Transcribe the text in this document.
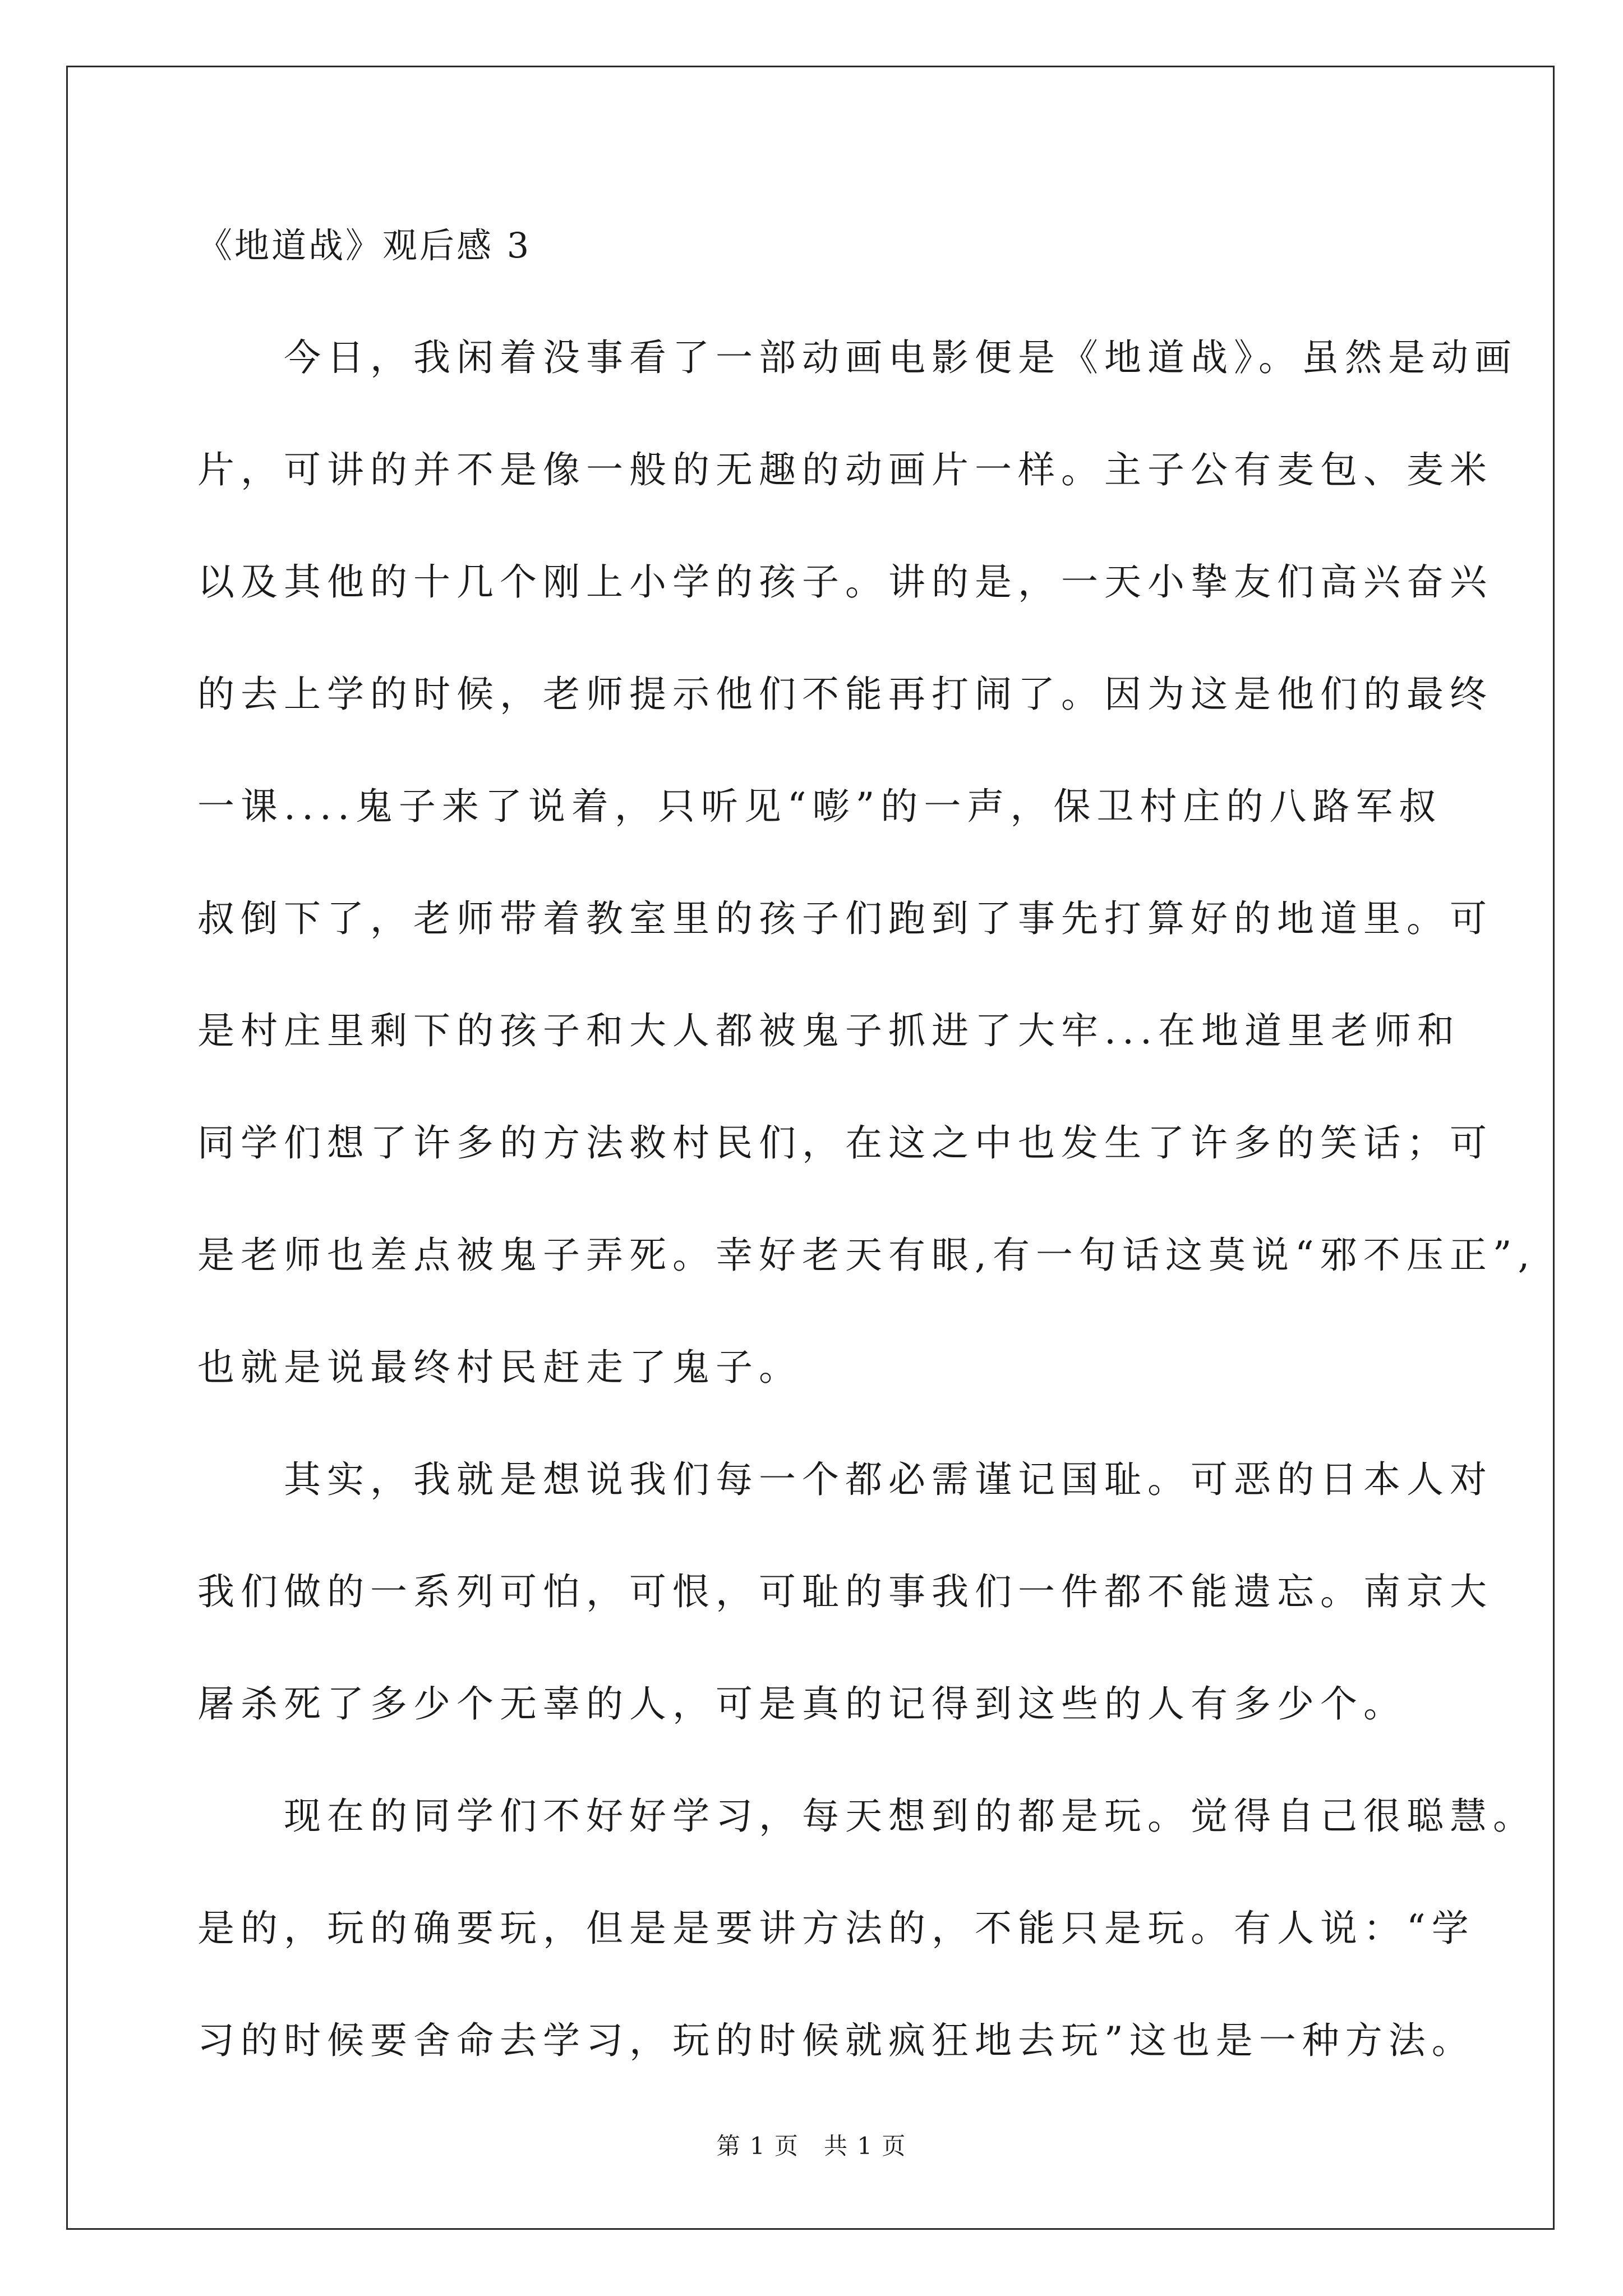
《地道战》观后感 3
　　今日，我闲着没事看了一部动画电影便是《地道战》。虽然是动画
片，可讲的并不是像一般的无趣的动画片一样。主子公有麦包、麦米
以及其他的十几个刚上小学的孩子。讲的是，一天小挚友们高兴奋兴
的去上学的时候，老师提示他们不能再打闹了。因为这是他们的最终
一课....鬼子来了说着，只听见“嘭”的一声，保卫村庄的八路军叔
叔倒下了，老师带着教室里的孩子们跑到了事先打算好的地道里。可
是村庄里剩下的孩子和大人都被鬼子抓进了大牢...在地道里老师和
同学们想了许多的方法救村民们，在这之中也发生了许多的笑话；可
是老师也差点被鬼子弄死。幸好老天有眼,有一句话这莫说“邪不压正”,
也就是说最终村民赶走了鬼子。
　　其实，我就是想说我们每一个都必需谨记国耻。可恶的日本人对
我们做的一系列可怕，可恨，可耻的事我们一件都不能遗忘。南京大
屠杀死了多少个无辜的人，可是真的记得到这些的人有多少个。
　　现在的同学们不好好学习，每天想到的都是玩。觉得自己很聪慧。
是的，玩的确要玩，但是是要讲方法的，不能只是玩。有人说：“学
习的时候要舍命去学习，玩的时候就疯狂地去玩”这也是一种方法。
第 1 页　共 1 页
